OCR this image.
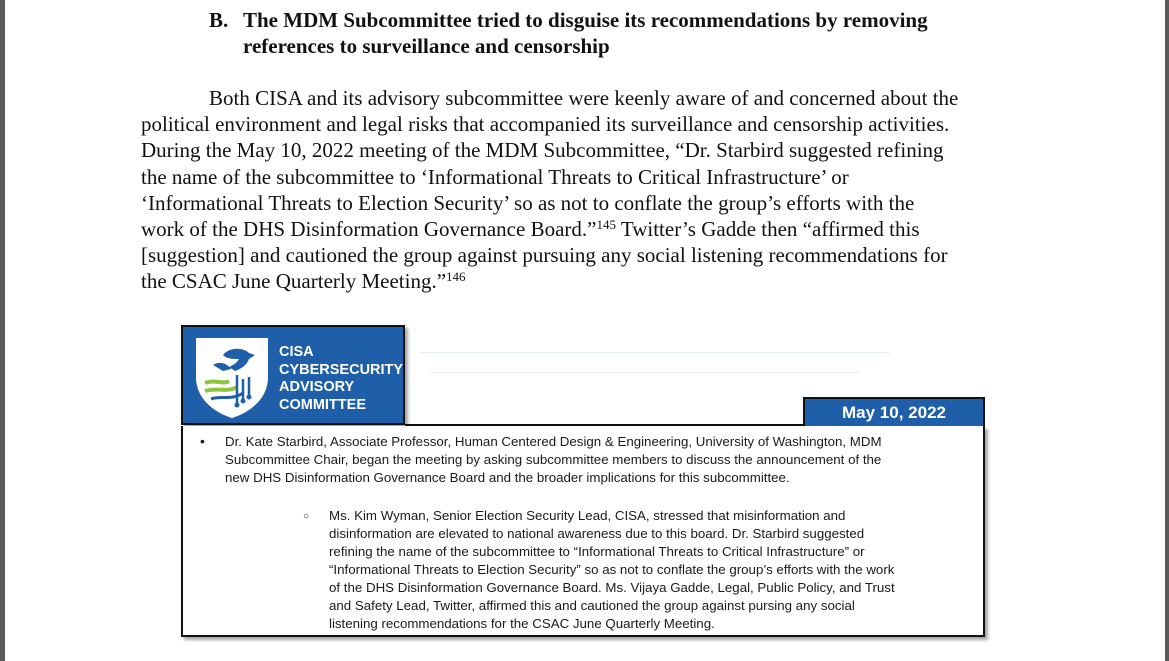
B. The MDM Subcommittee tried to disguise its recommendations by removing
references to surveillance and censorship
Both CISA and its advisory subcommittee were keenly aware of and concerned about the
political environment and legal risks that accompanied its surveillance and censorship activities.
During the May 10, 2022 meeting of the MDM Subcommittee, “Dr. Starbird suggested refining
the name of the subcommittee to ‘Informational Threats to Critical Infrastructure’ or
‘Informational Threats to Election Security’ so as not to conflate the group’s efforts with the
work of the DHS Disinformation Governance Board.”$^{145}$ Twitter’s Gadde then “affirmed this
[suggestion] and cautioned the group against pursuing any social listening recommendations for
the CSAC June Quarterly Meeting.”$^{146}$
CISA
CYBERSECURITY
ADVISORY
COMMITTEE	May 10, 2022
• Dr. Kate Starbird, Associate Professor, Human Centered Design & Engineering, University of Washington, MDM
Subcommittee Chair, began the meeting by asking subcommittee members to discuss the announcement of the
new DHS Disinformation Governance Board and the broader implications for this subcommittee.
○ Ms. Kim Wyman, Senior Election Security Lead, CISA, stressed that misinformation and
disinformation are elevated to national awareness due to this board. Dr. Starbird suggested
refining the name of the subcommittee to “Informational Threats to Critical Infrastructure” or
“Informational Threats to Election Security” so as not to conflate the group’s efforts with the work
of the DHS Disinformation Governance Board. Ms. Vijaya Gadde, Legal, Public Policy, and Trust
and Safety Lead, Twitter, affirmed this and cautioned the group against pursing any social
listening recommendations for the CSAC June Quarterly Meeting.
